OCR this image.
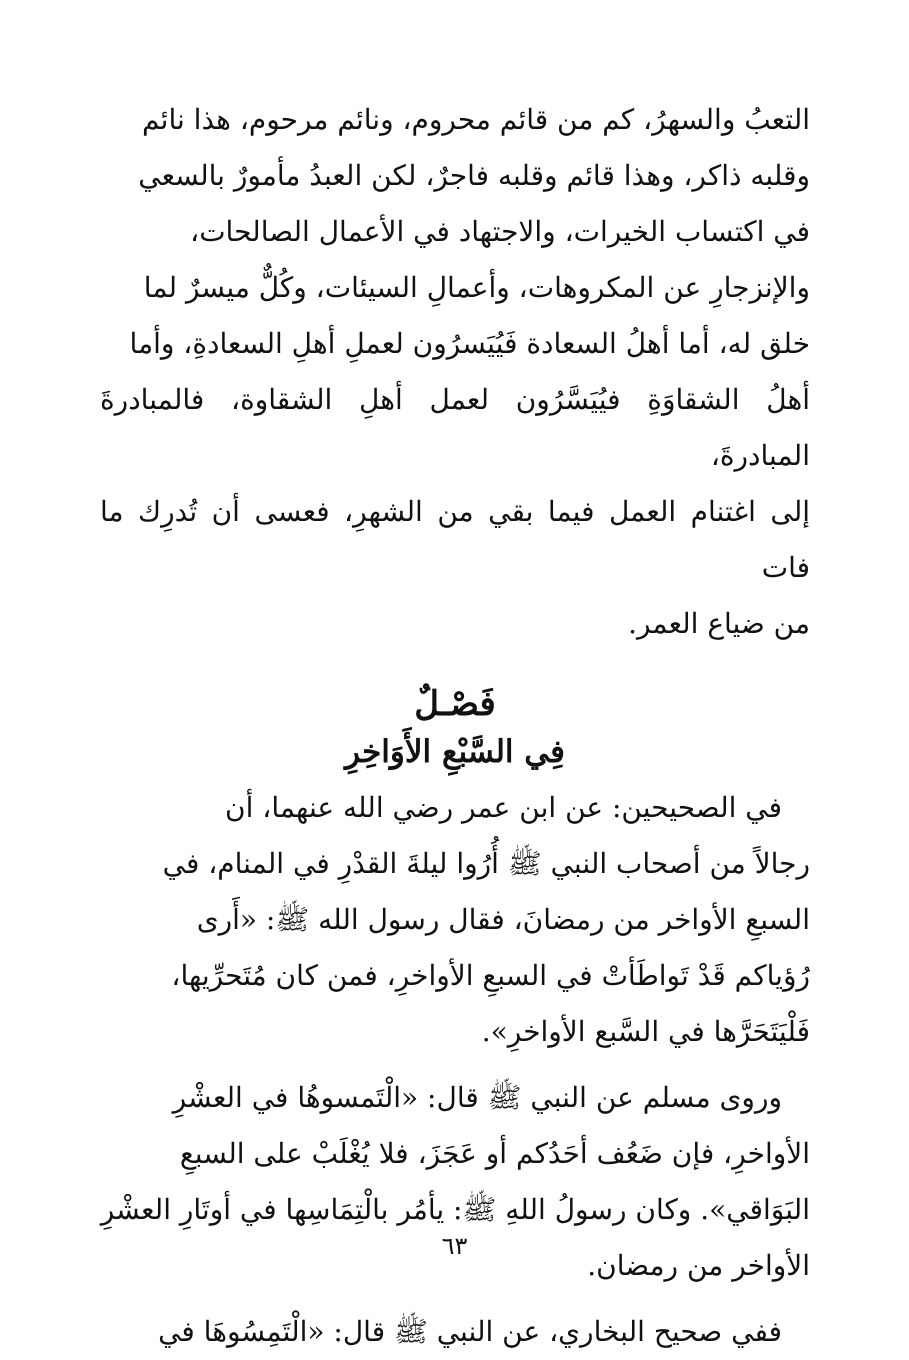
التعبُ والسهرُ، كم من قائم محروم، ونائم مرحوم، هذا نائم
وقلبه ذاكر، وهذا قائم وقلبه فاجرٌ، لكن العبدُ مأمورٌ بالسعي
في اكتساب الخيرات، والاجتهاد في الأعمال الصالحات،
والإنزجارِ عن المكروهات، وأعمالِ السيئات، وكُلٌّ ميسرٌ لما
خلق له، أما أهلُ السعادة فَيُيَسرُون لعملِ أهلِ السعادةِ، وأما
أهلُ الشقاوَةِ فيُيَسَّرُون لعمل أهلِ الشقاوة، فالمبادرةَ المبادرةَ،
إلى اغتنام العمل فيما بقي من الشهرِ، فعسى أن تُدرِك ما فات
من ضياع العمر.

فَصْـلٌ
فِي السَّبْعِ الأَوَاخِرِ

في الصحيحين: عن ابن عمر رضي الله عنهما، أن
رجالاً من أصحاب النبي ﷺ أُرُوا ليلةَ القدْرِ في المنام، في
السبعِ الأواخر من رمضانَ، فقال رسول الله ﷺ: «أَرى
رُؤياكم قَدْ تَواطَأتْ في السبعِ الأواخرِ، فمن كان مُتَحرِّيها،
فَلْيَتَحَرَّها في السَّبع الأواخرِ».

وروى مسلم عن النبي ﷺ قال: «الْتَمسوهُا في العشْرِ
الأواخرِ، فإن ضَعُف أحَدُكم أو عَجَزَ، فلا يُغْلَبْ على السبعِ
البَوَاقي». وكان رسولُ اللهِ ﷺ: يأمُر بالْتِمَاسِها في أوتَارِ العشْرِ
الأواخر من رمضان.

ففي صحيح البخاري، عن النبي ﷺ قال: «الْتَمِسُوهَا في

٦٣
